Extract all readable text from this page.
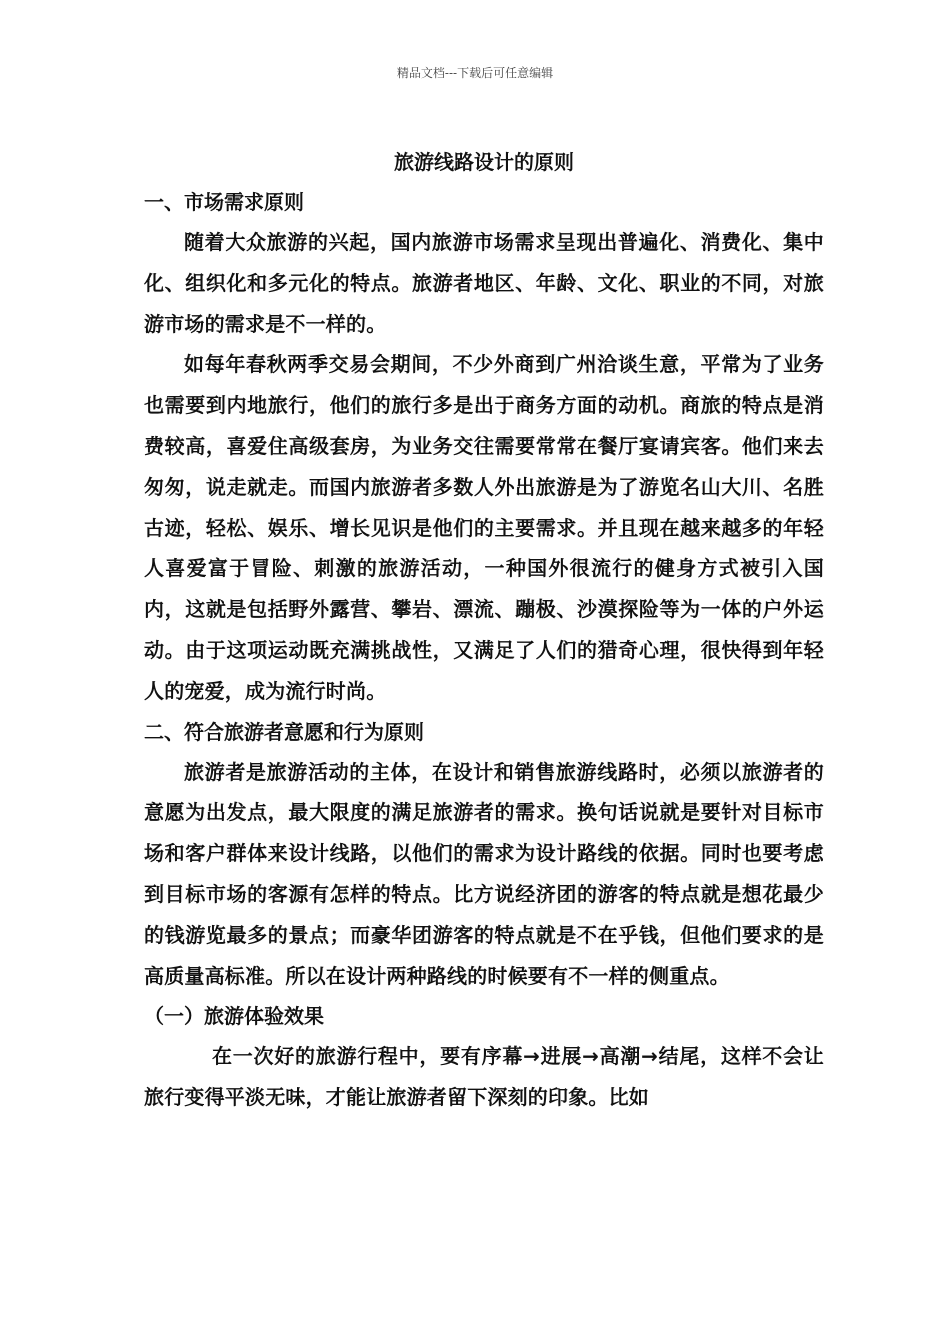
精品文档---下载后可任意编辑

旅游线路设计的原则

一、市场需求原则

随着大众旅游的兴起，国内旅游市场需求呈现出普遍化、消费化、集中化、组织化和多元化的特点。旅游者地区、年龄、文化、职业的不同，对旅游市场的需求是不一样的。

如每年春秋两季交易会期间，不少外商到广州洽谈生意，平常为了业务也需要到内地旅行，他们的旅行多是出于商务方面的动机。商旅的特点是消费较高，喜爱住高级套房，为业务交往需要常常在餐厅宴请宾客。他们来去匆匆，说走就走。而国内旅游者多数人外出旅游是为了游览名山大川、名胜古迹，轻松、娱乐、增长见识是他们的主要需求。并且现在越来越多的年轻人喜爱富于冒险、刺激的旅游活动，一种国外很流行的健身方式被引入国内，这就是包括野外露营、攀岩、漂流、蹦极、沙漠探险等为一体的户外运动。由于这项运动既充满挑战性，又满足了人们的猎奇心理，很快得到年轻人的宠爱，成为流行时尚。

二、符合旅游者意愿和行为原则

旅游者是旅游活动的主体，在设计和销售旅游线路时，必须以旅游者的意愿为出发点，最大限度的满足旅游者的需求。换句话说就是要针对目标市场和客户群体来设计线路，以他们的需求为设计路线的依据。同时也要考虑到目标市场的客源有怎样的特点。比方说经济团的游客的特点就是想花最少的钱游览最多的景点；而豪华团游客的特点就是不在乎钱，但他们要求的是高质量高标准。所以在设计两种路线的时候要有不一样的侧重点。

（一）旅游体验效果

在一次好的旅游行程中，要有序幕→进展→高潮→结尾，这样不会让旅行变得平淡无味，才能让旅游者留下深刻的印象。比如
